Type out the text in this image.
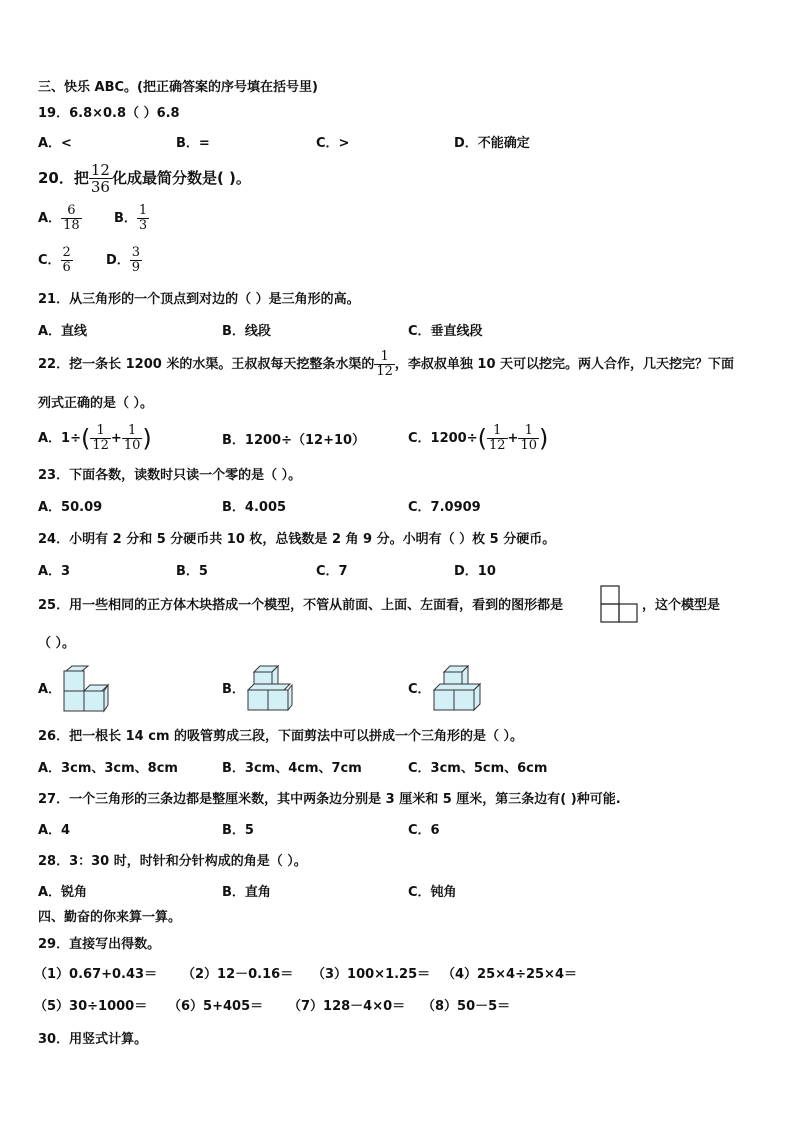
三、快乐 ABC。(把正确答案的序号填在括号里)
19．6.8×0.8（ ）6.8
A．<	B．=	C．>	D．不能确定
20．把 $\frac{12}{36}$ 化成最简分数是( )。
A． $\frac{6}{18}$ B． $\frac{1}{3}$
C． $\frac{2}{6}$	D． $\frac{3}{9}$
21．从三角形的一个顶点到对边的（ ）是三角形的高。
A．直线	B．线段	C．垂直线段
22．挖一条长 1200 米的水渠。王叔叔每天挖整条水渠的 $\frac{1}{12}$ ，李叔叔单独 10 天可以挖完。两人合作，几天挖完？下面
列式正确的是（ ）。
A．$1\div( \frac{1}{12} + \frac{1}{10}$ )	B．1200÷（12+10）	C．$1200\div( \frac{1}{12} + \frac{1}{10}$ )
23．下面各数，读数时只读一个零的是（ ）。
A．50.09	B．4.005	C．7.0909
24．小明有 2 分和 5 分硬币共 10 枚，总钱数是 2 角 9 分。小明有（ ）枚 5 分硬币。
A．3	B．5	C．7	D．10
25．用一些相同的正方体木块搭成一个模型，不管从前面、上面、左面看，看到的图形都是	，这个模型是
（ ）。
A．	B．	C．
26．把一根长 14 cm 的吸管剪成三段，下面剪法中可以拼成一个三角形的是（ ）。
A．3cm、3cm、8cm	B．3cm、4cm、7cm	C．3cm、5cm、6cm
27．一个三角形的三条边都是整厘米数，其中两条边分别是 3 厘米和 5 厘米，第三条边有( )种可能.
A．4	B．5	C．6
28．3：30 时，时针和分针构成的角是（ ）。
A．锐角	B．直角	C．钝角
四、勤奋的你来算一算。
29．直接写出得数。
（1）0.67+0.43＝ （2）12－0.16＝ （3）100×1.25＝ （4）25×4÷25×4＝
（5）30÷1000＝ （6）5+405＝ （7）128－4×0＝ （8）50－5＝
30．用竖式计算。
